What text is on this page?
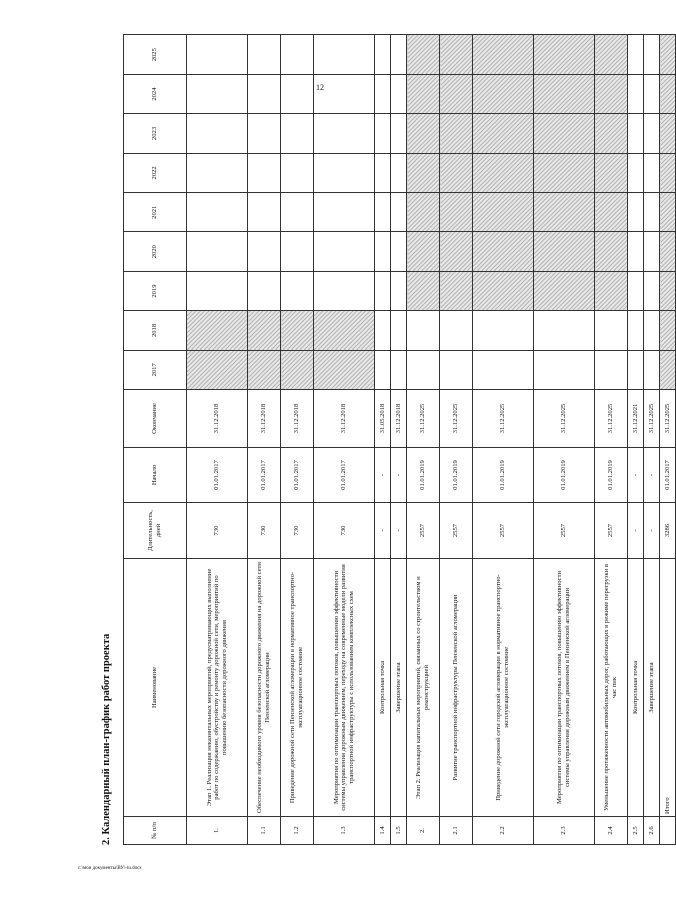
12
2. Календарный план-график работ проекта	№ п/п	Наименование	Длительность, дней	Начало	Окончание	2017	2018	2019	2020	2021	2022	2023	2024	2025
1.	Этап 1. Реализация неказинтальных мероприятий, предусматривающих выполнение работ по содержанию, обустройству и ремонту дорожной сети, мероприятий по повышению безопасности дорожного движения	730	01.01.2017	31.12.2018									
1.1	Обеспечение необходимого уровня безопасности дорожного движения на дорожной сети Пензенской агломерации	730	01.01.2017	31.12.2018									
1.2	Приведение дорожной сети Пензенской агломерации в нормативное транспортно-эксплуатационное состояние	730	01.01.2017	31.12.2018									
1.3	Мероприятия по оптимизации транспортных потоков, повышению эффективности системы управления дорожным движением, переходу на современные модели развития транспортной инфраструктуры с использованием комплексных схем	730	01.01.2017	31.12.2018									
1.4	Контрольная точка	-	-	31.05.2018									
1.5	Завершение этапа	-	-	31.12.2018									
2.	Этап 2. Реализация капитальных мероприятий, связанных со строительством и реконструкцией	2557	01.01.2019	31.12.2025									
2.1	Развитие транспортной инфраструктуры Пензенской агломерации	2557	01.01.2019	31.12.2025									
2.2	Приведение дорожной сети городской агломерации в нормативное транспортно-эксплуатационное состояние	2557	01.01.2019	31.12.2025									
2.3	Мероприятия по оптимизации транспортных потоков, повышению эффективности системы управления дорожным движением в Пензенской агломерации	2557	01.01.2019	31.12.2025									
2.4	Уменьшение протяженности автомобильных дорог, работающих в режиме перегрузки в час пик	2557	01.01.2019	31.12.2025									
2.5	Контрольная точка	-	-	31.12.2021									
2.6	Завершение этапа	-	-	31.12.2025									
	Итого	3286	01.01.2017	31.12.2025									
c:\мои документы\ВУ\-tu.docx
